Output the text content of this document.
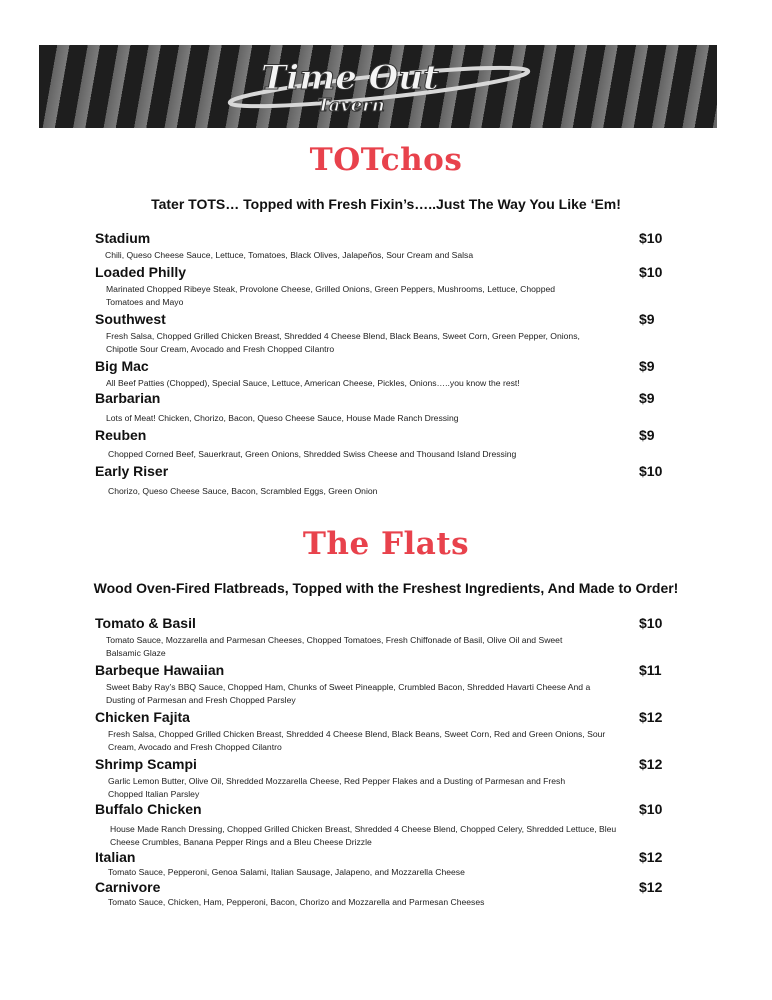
Time Out
Tavern
TOTchos
Tater TOTS… Topped with Fresh Fixin’s…..Just The Way You Like ‘Em!
Stadium	$10
Chili, Queso Cheese Sauce, Lettuce, Tomatoes, Black Olives, Jalapeños, Sour Cream and Salsa
Loaded Philly	$10
Marinated Chopped Ribeye Steak, Provolone Cheese, Grilled Onions, Green Peppers, Mushrooms, Lettuce, Chopped Tomatoes and Mayo
Southwest	$9
Fresh Salsa, Chopped Grilled Chicken Breast, Shredded 4 Cheese Blend, Black Beans, Sweet Corn, Green Pepper, Onions, Chipotle Sour Cream, Avocado and Fresh Chopped Cilantro
Big Mac	$9
All Beef Patties (Chopped), Special Sauce, Lettuce, American Cheese, Pickles, Onions…..you know the rest!
Barbarian	$9
Lots of Meat! Chicken, Chorizo, Bacon, Queso Cheese Sauce, House Made Ranch Dressing
Reuben	$9
Chopped Corned Beef, Sauerkraut, Green Onions, Shredded Swiss Cheese and Thousand Island Dressing
Early Riser	$10
Chorizo, Queso Cheese Sauce, Bacon, Scrambled Eggs, Green Onion
The Flats
Wood Oven-Fired Flatbreads, Topped with the Freshest Ingredients, And Made to Order!
Tomato & Basil	$10
Tomato Sauce, Mozzarella and Parmesan Cheeses, Chopped Tomatoes, Fresh Chiffonade of Basil, Olive Oil and Sweet Balsamic Glaze
Barbeque Hawaiian	$11
Sweet Baby Ray’s BBQ Sauce, Chopped Ham, Chunks of Sweet Pineapple, Crumbled Bacon, Shredded Havarti Cheese And a Dusting of Parmesan and Fresh Chopped Parsley
Chicken Fajita	$12
Fresh Salsa, Chopped Grilled Chicken Breast, Shredded 4 Cheese Blend, Black Beans, Sweet Corn, Red and Green Onions, Sour Cream, Avocado and Fresh Chopped Cilantro
Shrimp Scampi	$12
Garlic Lemon Butter, Olive Oil, Shredded Mozzarella Cheese, Red Pepper Flakes and a Dusting of Parmesan and Fresh Chopped Italian Parsley
Buffalo Chicken	$10
House Made Ranch Dressing, Chopped Grilled Chicken Breast, Shredded 4 Cheese Blend, Chopped Celery, Shredded Lettuce, Bleu Cheese Crumbles, Banana Pepper Rings and a Bleu Cheese Drizzle
Italian	$12
Tomato Sauce, Pepperoni, Genoa Salami, Italian Sausage, Jalapeno, and Mozzarella Cheese
Carnivore	$12
Tomato Sauce, Chicken, Ham, Pepperoni, Bacon, Chorizo and Mozzarella and Parmesan Cheeses
